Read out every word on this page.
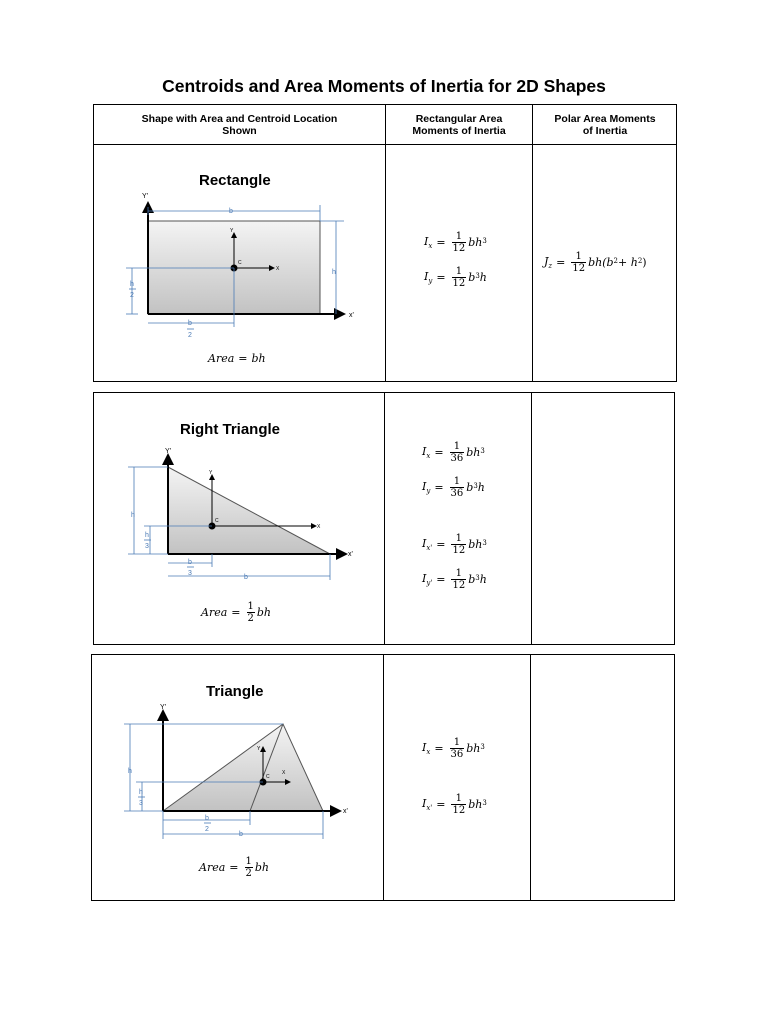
Centroids and Area Moments of Inertia for 2D Shapes
Shape with Area and Centroid Location
Shown
Rectangular Area
Moments of Inertia
Polar Area Moments
of Inertia
Rectangle
Y'
x'
Y
X
C
b
h
h
2
b
2
Area = bh
$I_x = \frac{1}{12} bh^3$
$I_y = \frac{1}{12} b^3$ h
$J_z = \frac{1}{12} bh(b^2 + h^2$ )
Right Triangle
Y'
x'
Y
X
C
h
h
3
b
3
b
Area = $\frac{1}{2}$ bh
$I_x = \frac{1}{36} bh^3$
$I_y = \frac{1}{36} b^3$ h
$I_{x'} = \frac{1}{12} bh^3$
$I_{y'} = \frac{1}{12} b^3$ h
Triangle
Y'
x'
Y
X
C
h
h
3
b
2
b
Area = $\frac{1}{2}$ bh
$I_x = \frac{1}{36} bh^3$
$I_{x'} = \frac{1}{12} bh^3$
